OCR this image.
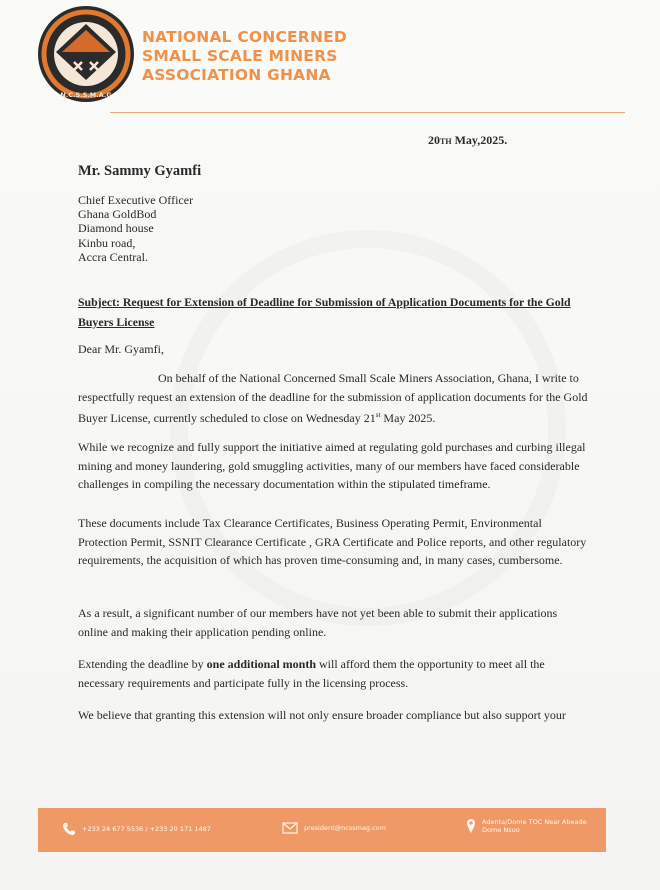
N.C.S.S.M.A.G
NATIONAL CONCERNED
SMALL SCALE MINERS
ASSOCIATION GHANA
20TH May,2025.
Mr. Sammy Gyamfi
Chief Executive Officer
Ghana GoldBod
Diamond house
Kinbu road,
Accra Central.
Subject: Request for Extension of Deadline for Submission of Application Documents for the Gold Buyers License
Dear Mr. Gyamfi,

On behalf of the National Concerned Small Scale Miners Association, Ghana, I write to respectfully request an extension of the deadline for the submission of application documents for the Gold Buyer License, currently scheduled to close on Wednesday 21st May 2025.

While we recognize and fully support the initiative aimed at regulating gold purchases and curbing illegal mining and money laundering, gold smuggling activities, many of our members have faced considerable challenges in compiling the necessary documentation within the stipulated timeframe.

These documents include Tax Clearance Certificates, Business Operating Permit, Environmental Protection Permit, SSNIT Clearance Certificate , GRA Certificate and Police reports, and other regulatory requirements, the acquisition of which has proven time-consuming and, in many cases, cumbersome.

As a result, a significant number of our members have not yet been able to submit their applications online and making their application pending online.

Extending the deadline by one additional month will afford them the opportunity to meet all the necessary requirements and participate fully in the licensing process.

We believe that granting this extension will not only ensure broader compliance but also support your

+233 24 677 5536 / +233 20 171 1487	president@ncssmag.com
Adenta/Dome TOC Near Abeade
Dome Nsuo
